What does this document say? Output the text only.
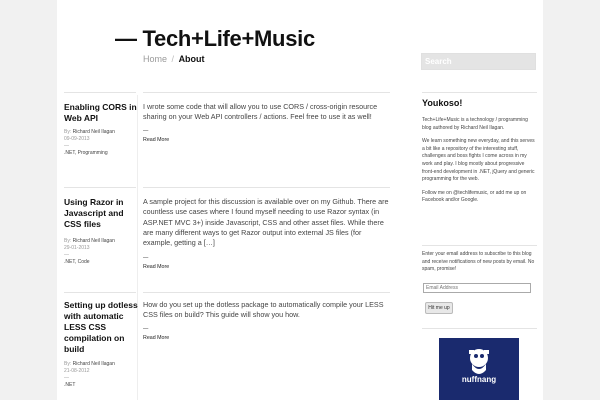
— Tech+Life+Music
Home / About
Search
Enabling CORS in Web API
By: Richard Neil Ilagan
09-09-2013
—
.NET, Programming
I wrote some code that will allow you to use CORS / cross-origin resource sharing on your Web API controllers / actions. Feel free to use it as well!
—
Read More
Using Razor in Javascript and CSS files
By: Richard Neil Ilagan
29-01-2013
—
.NET, Code
A sample project for this discussion is available over on my Github. There are countless use cases where I found myself needing to use Razor syntax (in ASP.NET MVC 3+) inside Javascript, CSS and other asset files. While there are many different ways to get Razor output into external JS files (for example, getting a […]
—
Read More
Setting up dotless with automatic LESS CSS compilation on build
By: Richard Neil Ilagan
21-08-2012
—
.NET
How do you set up the dotless package to automatically compile your LESS CSS files on build? This guide will show you how.
—
Read More
Youkoso!
Tech+Life+Music is a technology / programming blog authored by Richard Neil Ilagan.
We learn something new everyday, and this serves a bit like a repository of the interesting stuff, challenges and boss fights I come across in my work and play. I blog mostly about progressive front-end development in .NET, jQuery and generic programming for the web.
Follow me on @techlifemusic, or add me up on Facebook and/or Google.
Enter your email address to subscribe to this blog and receive notifications of new posts by email. No spam, promise!
Email Address
Hit me up
nuffnang
